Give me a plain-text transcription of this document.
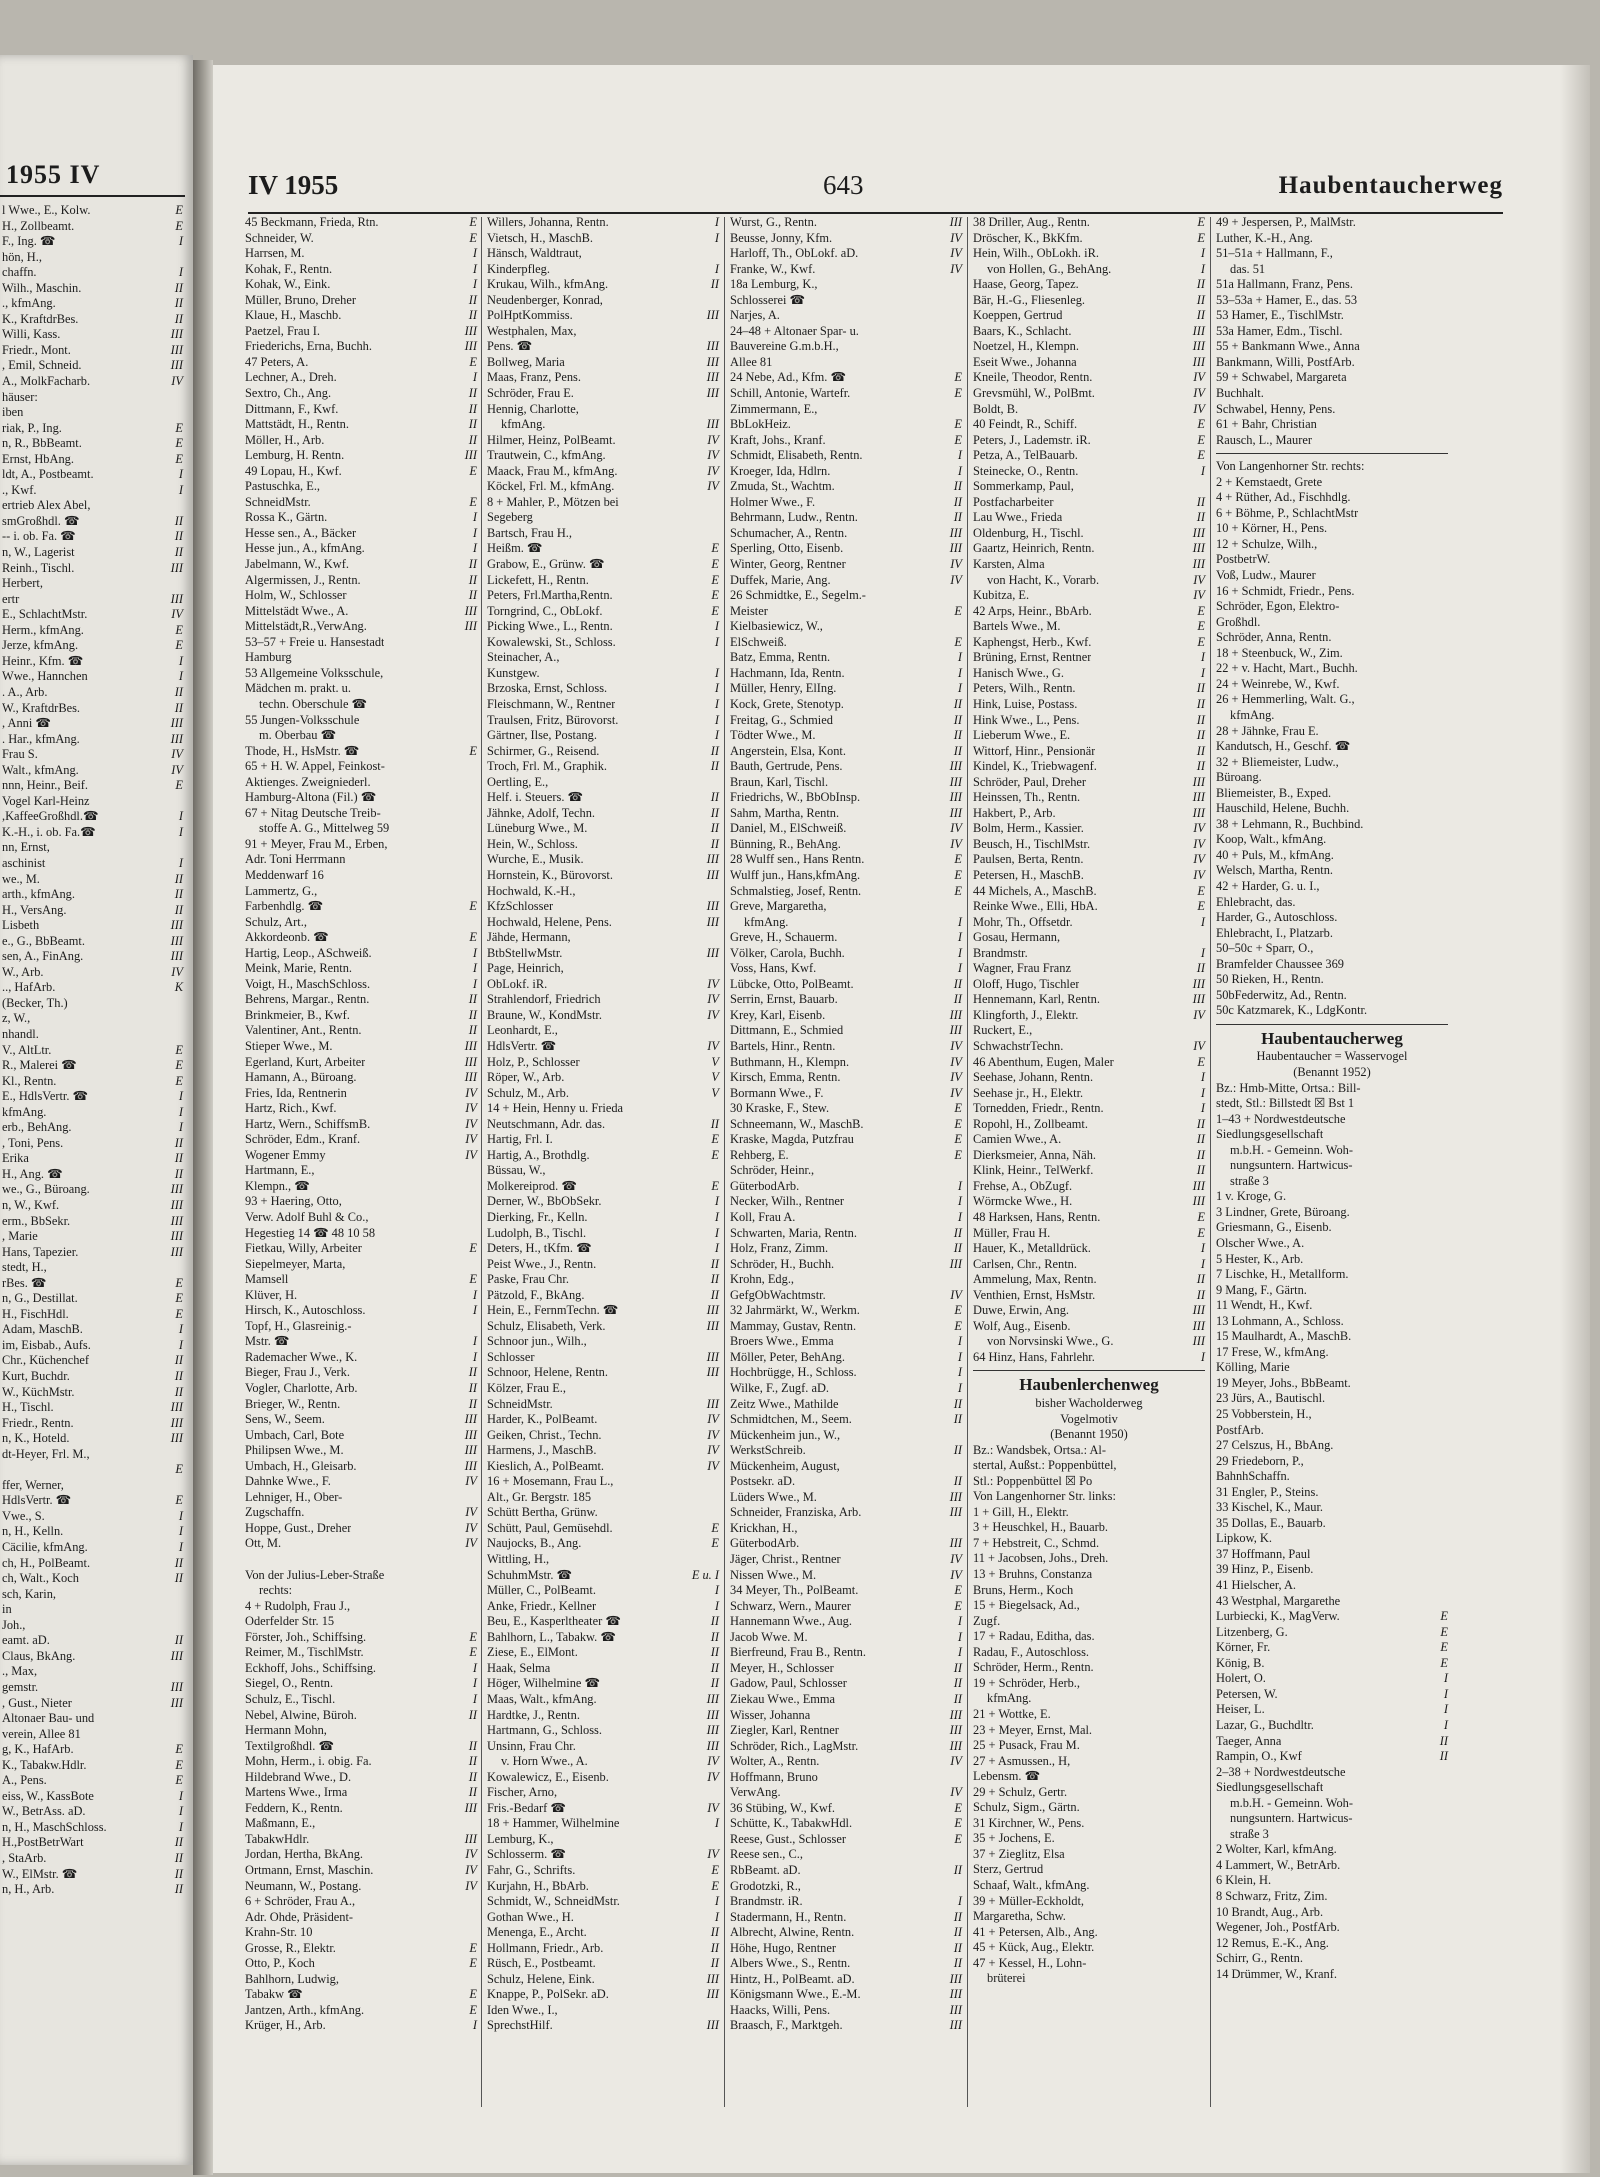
1955 IV
l Wwe., E., Kolw.	E
H., Zollbeamt.	E
F., Ing. ☎	I
hön, H.,
chaffn.	I
Wilh., Maschin.	II
., kfmAng.	II
K., KraftdrBes.	II
Willi, Kass.	III
Friedr., Mont.	III
, Emil, Schneid.	III
A., MolkFacharb.	IV
häuser:
iben
riak, P., Ing.	E
n, R., BbBeamt.	E
Ernst, HbAng.	E
ldt, A., Postbeamt.	I
., Kwf.	I
ertrieb Alex Abel,
smGroßhdl. ☎	II
-- i. ob. Fa. ☎	II
n, W., Lagerist	II
Reinh., Tischl.	III
Herbert,
ertr	III
E., SchlachtMstr.	IV
Herm., kfmAng.	E
Jerze, kfmAng.	E
Heinr., Kfm. ☎	I
Wwe., Hannchen	I
. A., Arb.	II
W., KraftdrBes.	II
, Anni ☎	III
. Har., kfmAng.	III
Frau S.	IV
Walt., kfmAng.	IV
nnn, Heinr., Beif.	E
Vogel Karl-Heinz
,KaffeeGroßhdl.☎	I
K.-H., i. ob. Fa.☎	I
nn, Ernst,
aschinist	I
we., M.	II
arth., kfmAng.	II
H., VersAng.	II
Lisbeth	III
e., G., BbBeamt.	III
sen, A., FinAng.	III
W., Arb.	IV
.., HafArb.	K
(Becker, Th.)
z, W.,
nhandl.
V., AltLtr.	E
R., Malerei ☎	E
Kl., Rentn.	E
E., HdlsVertr. ☎	I
kfmAng.	I
erb., BehAng.	I
, Toni, Pens.	II
Erika	II
H., Ang. ☎	II
we., G., Büroang.	III
n, W., Kwf.	III
erm., BbSekr.	III
, Marie	III
Hans, Tapezier.	III
stedt, H.,
rBes. ☎	E
n, G., Destillat.	E
H., FischHdl.	E
Adam, MaschB.	I
im, Eisbab., Aufs.	I
Chr., Küchenchef	II
Kurt, Buchdr.	II
W., KüchMstr.	II
H., Tischl.	III
Friedr., Rentn.	III
n, K., Hoteld.	III
dt-Heyer, Frl. M.,
E
ffer, Werner,
HdlsVertr. ☎	E
Vwe., S.	I
n, H., Kelln.	I
Cäcilie, kfmAng.	I
ch, H., PolBeamt.	II
ch, Walt., Koch	II
sch, Karin,
in
Joh.,
eamt. aD.	II
Claus, BkAng.	III
., Max,
gemstr.	III
, Gust., Nieter	III
Altonaer Bau- und
verein, Allee 81
g, K., HafArb.	E
K., Tabakw.Hdlr.	E
A., Pens.	E
eiss, W., KassBote	I
W., BetrAss. aD.	I
n, H., MaschSchloss.	I
H.,PostBetrWart	II
, StaArb.	II
W., ElMstr. ☎	II
n, H., Arb.	II
IV 1955	643	Haubentaucherweg
45 Beckmann, Frieda, Rtn.	E
Schneider, W.	E
Harrsen, M.	I
Kohak, F., Rentn.	I
Kohak, W., Eink.	I
Müller, Bruno, Dreher	II
Klaue, H., Maschb.	II
Paetzel, Frau I.	III
Friederichs, Erna, Buchh.	III
47 Peters, A.	E
Lechner, A., Dreh.	I
Sextro, Ch., Ang.	II
Dittmann, F., Kwf.	II
Mattstädt, H., Rentn.	II
Möller, H., Arb.	II
Lemburg, H. Rentn.	III
49 Lopau, H., Kwf.	E
Pastuschka, E.,
SchneidMstr.	E
Rossa K., Gärtn.	I
Hesse sen., A., Bäcker	I
Hesse jun., A., kfmAng.	I
Jabelmann, W., Kwf.	II
Algermissen, J., Rentn.	II
Holm, W., Schlosser	II
Mittelstädt Wwe., A.	III
Mittelstädt,R.,VerwAng.	III
53–57 + Freie u. Hansestadt
Hamburg
53 Allgemeine Volksschule,
Mädchen m. prakt. u.
techn. Oberschule ☎
55 Jungen-Volksschule
m. Oberbau ☎
Thode, H., HsMstr. ☎	E
65 + H. W. Appel, Feinkost-
Aktienges. Zweigniederl.
Hamburg-Altona (Fil.) ☎
67 + Nitag Deutsche Treib-
stoffe A. G., Mittelweg 59
91 + Meyer, Frau M., Erben,
Adr. Toni Herrmann
Meddenwarf 16
Lammertz, G.,
Farbenhdlg. ☎	E
Schulz, Art.,
Akkordeonb. ☎	E
Hartig, Leop., ASchweiß.	I
Meink, Marie, Rentn.	I
Voigt, H., MaschSchloss.	I
Behrens, Margar., Rentn.	II
Brinkmeier, B., Kwf.	II
Valentiner, Ant., Rentn.	II
Stieper Wwe., M.	III
Egerland, Kurt, Arbeiter	III
Hamann, A., Büroang.	III
Fries, Ida, Rentnerin	IV
Hartz, Rich., Kwf.	IV
Hartz, Wern., SchiffsmB.	IV
Schröder, Edm., Kranf.	IV
Wogener Emmy	IV
Hartmann, E.,
Klempn., ☎
93 + Haering, Otto,
Verw. Adolf Buhl & Co.,
Hegestieg 14 ☎ 48 10 58
Fietkau, Willy, Arbeiter	E
Siepelmeyer, Marta,
Mamsell	E
Klüver, H.	I
Hirsch, K., Autoschloss.	I
Topf, H., Glasreinig.-
Mstr. ☎	I
Rademacher Wwe., K.	I
Bieger, Frau J., Verk.	II
Vogler, Charlotte, Arb.	II
Brieger, W., Rentn.	II
Sens, W., Seem.	III
Umbach, Carl, Bote	III
Philipsen Wwe., M.	III
Umbach, H., Gleisarb.	III
Dahnke Wwe., F.	IV
Lehniger, H., Ober-
Zugschaffn.	IV
Hoppe, Gust., Dreher	IV
Ott, M.	IV

Von der Julius-Leber-Straße
rechts:
4 + Rudolph, Frau J.,
Oderfelder Str. 15
Förster, Joh., Schiffsing.	E
Reimer, M., TischlMstr.	E
Eckhoff, Johs., Schiffsing.	I
Siegel, O., Rentn.	I
Schulz, E., Tischl.	I
Nebel, Alwine, Büroh.	II
Hermann Mohn,
Textilgroßhdl. ☎	II
Mohn, Herm., i. obig. Fa.	II
Hildebrand Wwe., D.	II
Martens Wwe., Irma	II
Feddern, K., Rentn.	III
Maßmann, E.,
TabakwHdlr.	III
Jordan, Hertha, BkAng.	IV
Ortmann, Ernst, Maschin.	IV
Neumann, W., Postang.	IV
6 + Schröder, Frau A.,
Adr. Ohde, Präsident-
Krahn-Str. 10
Grosse, R., Elektr.	E
Otto, P., Koch	E
Bahlhorn, Ludwig,
Tabakw ☎	E
Jantzen, Arth., kfmAng.	E
Krüger, H., Arb.	I
Willers, Johanna, Rentn.	I
Vietsch, H., MaschB.	I
Hänsch, Waldtraut,
Kinderpfleg.	I
Krukau, Wilh., kfmAng.	II
Neudenberger, Konrad,
PolHptKommiss.	III
Westphalen, Max,
Pens. ☎	III
Bollweg, Maria	III
Maas, Franz, Pens.	III
Schröder, Frau E.	III
Hennig, Charlotte,
kfmAng.	III
Hilmer, Heinz, PolBeamt.	IV
Trautwein, C., kfmAng.	IV
Maack, Frau M., kfmAng.	IV
Köckel, Frl. M., kfmAng.	IV
8 + Mahler, P., Mötzen bei
Segeberg
Bartsch, Frau H.,
Heißm. ☎	E
Grabow, E., Grünw. ☎	E
Lickefett, H., Rentn.	E
Peters, Frl.Martha,Rentn.	E
Torngrind, C., ObLokf.	E
Picking Wwe., L., Rentn.	I
Kowalewski, St., Schloss.	I
Steinacher, A.,
Kunstgew.	I
Brzoska, Ernst, Schloss.	I
Fleischmann, W., Rentner	I
Traulsen, Fritz, Bürovorst.	I
Gärtner, Ilse, Postang.	I
Schirmer, G., Reisend.	II
Troch, Frl. M., Graphik.	II
Oertling, E.,
Helf. i. Steuers. ☎	II
Jähnke, Adolf, Techn.	II
Lüneburg Wwe., M.	II
Hein, W., Schloss.	II
Wurche, E., Musik.	III
Hornstein, K., Bürovorst.	III
Hochwald, K.-H.,
KfzSchlosser	III
Hochwald, Helene, Pens.	III
Jähde, Hermann,
BtbStellwMstr.	III
Page, Heinrich,
ObLokf. iR.	IV
Strahlendorf, Friedrich	IV
Braune, W., KondMstr.	IV
Leonhardt, E.,
HdlsVertr. ☎	IV
Holz, P., Schlosser	V
Röper, W., Arb.	V
Schulz, M., Arb.	V
14 + Hein, Henny u. Frieda
Neutschmann, Adr. das.	II
Hartig, Frl. I.	E
Hartig, A., Brothdlg.	E
Büssau, W.,
Molkereiprod. ☎	E
Derner, W., BbObSekr.	I
Dierking, Fr., Kelln.	I
Ludolph, B., Tischl.	I
Deters, H., tKfm. ☎	I
Peist Wwe., J., Rentn.	II
Paske, Frau Chr.	II
Pätzold, F., BkAng.	II
Hein, E., FernmTechn. ☎	III
Schulz, Elisabeth, Verk.	III
Schnoor jun., Wilh.,
Schlosser	III
Schnoor, Helene, Rentn.	III
Kölzer, Frau E.,
SchneidMstr.	III
Harder, K., PolBeamt.	IV
Geiken, Christ., Techn.	IV
Harmens, J., MaschB.	IV
Kieslich, A., PolBeamt.	IV
16 + Mosemann, Frau L.,
Alt., Gr. Bergstr. 185
Schütt Bertha, Grünw.
Schütt, Paul, Gemüsehdl.	E
Naujocks, B., Ang.	E
Wittling, H.,
SchuhmMstr. ☎	E u. I
Müller, C., PolBeamt.	I
Anke, Friedr., Kellner	I
Beu, E., Kasperltheater ☎	II
Bahlhorn, L., Tabakw. ☎	II
Ziese, E., ElMont.	II
Haak, Selma	II
Höger, Wilhelmine ☎	II
Maas, Walt., kfmAng.	III
Hardtke, J., Rentn.	III
Hartmann, G., Schloss.	III
Unsinn, Frau Chr.	III
v. Horn Wwe., A.	IV
Kowalewicz, E., Eisenb.	IV
Fischer, Arno,
Fris.-Bedarf ☎	IV
18 + Hammer, Wilhelmine	I
Lemburg, K.,
Schlosserm. ☎	IV
Fahr, G., Schrifts.	E
Kurjahn, H., BbArb.	E
Schmidt, W., SchneidMstr.	I
Gothan Wwe., H.	I
Menenga, E., Archt.	II
Hollmann, Friedr., Arb.	II
Rüsch, E., Postbeamt.	II
Schulz, Helene, Eink.	III
Knappe, P., PolSekr. aD.	III
Iden Wwe., I.,
SprechstHilf.	III
Wurst, G., Rentn.	III
Beusse, Jonny, Kfm.	IV
Harloff, Th., ObLokf. aD.	IV
Franke, W., Kwf.	IV
18a Lemburg, K.,
Schlosserei ☎
Narjes, A.
24–48 + Altonaer Spar- u.
Bauvereine G.m.b.H.,
Allee 81
24 Nebe, Ad., Kfm. ☎	E
Schill, Antonie, Wartefr.	E
Zimmermann, E.,
BbLokHeiz.	E
Kraft, Johs., Kranf.	E
Schmidt, Elisabeth, Rentn.	I
Kroeger, Ida, Hdlrn.	I
Zmuda, St., Wachtm.	II
Holmer Wwe., F.	II
Behrmann, Ludw., Rentn.	II
Schumacher, A., Rentn.	III
Sperling, Otto, Eisenb.	III
Winter, Georg, Rentner	IV
Duffek, Marie, Ang.	IV
26 Schmidtke, E., Segelm.-
Meister	E
Kielbasiewicz, W.,
ElSchweiß.	E
Batz, Emma, Rentn.	I
Hachmann, Ida, Rentn.	I
Müller, Henry, ElIng.	I
Kock, Grete, Stenotyp.	II
Freitag, G., Schmied	II
Tödter Wwe., M.	II
Angerstein, Elsa, Kont.	II
Bauth, Gertrude, Pens.	III
Braun, Karl, Tischl.	III
Friedrichs, W., BbObInsp.	III
Sahm, Martha, Rentn.	III
Daniel, M., ElSchweiß.	IV
Bünning, R., BehAng.	IV
28 Wulff sen., Hans Rentn.	E
Wulff jun., Hans,kfmAng.	E
Schmalstieg, Josef, Rentn.	E
Greve, Margaretha,
kfmAng.	I
Greve, H., Schauerm.	I
Völker, Carola, Buchh.	I
Voss, Hans, Kwf.	I
Lübcke, Otto, PolBeamt.	II
Serrin, Ernst, Bauarb.	II
Krey, Karl, Eisenb.	III
Dittmann, E., Schmied	III
Bartels, Hinr., Rentn.	IV
Buthmann, H., Klempn.	IV
Kirsch, Emma, Rentn.	IV
Bormann Wwe., F.	IV
30 Kraske, F., Stew.	E
Schneemann, W., MaschB.	E
Kraske, Magda, Putzfrau	E
Rehberg, E.	E
Schröder, Heinr.,
GüterbodArb.	I
Necker, Wilh., Rentner	I
Koll, Frau A.	I
Schwarten, Maria, Rentn.	II
Holz, Franz, Zimm.	II
Schröder, H., Buchh.	III
Krohn, Edg.,
GefgObWachtmstr.	IV
32 Jahrmärkt, W., Werkm.	E
Mammay, Gustav, Rentn.	E
Broers Wwe., Emma	I
Möller, Peter, BehAng.	I
Hochbrügge, H., Schloss.	I
Wilke, F., Zugf. aD.	I
Zeitz Wwe., Mathilde	II
Schmidtchen, M., Seem.	II
Mückenheim jun., W.,
WerkstSchreib.	II
Mückenheim, August,
Postsekr. aD.	II
Lüders Wwe., M.	III
Schneider, Franziska, Arb.	III
Krickhan, H.,
GüterbodArb.	III
Jäger, Christ., Rentner	IV
Nissen Wwe., M.	IV
34 Meyer, Th., PolBeamt.	E
Schwarz, Wern., Maurer	E
Hannemann Wwe., Aug.	I
Jacob Wwe. M.	I
Bierfreund, Frau B., Rentn.	I
Meyer, H., Schlosser	II
Gadow, Paul, Schlosser	II
Ziekau Wwe., Emma	II
Wisser, Johanna	III
Ziegler, Karl, Rentner	III
Schröder, Rich., LagMstr.	III
Wolter, A., Rentn.	IV
Hoffmann, Bruno
VerwAng.	IV
36 Stübing, W., Kwf.	E
Schütte, K., TabakwHdl.	E
Reese, Gust., Schlosser	E
Reese sen., C.,
RbBeamt. aD.	II
Grodotzki, R.,
Brandmstr. iR.	I
Stadermann, H., Rentn.	II
Albrecht, Alwine, Rentn.	II
Höhe, Hugo, Rentner	II
Albers Wwe., S., Rentn.	II
Hintz, H., PolBeamt. aD.	III
Königsmann Wwe., E.-M.	III
Haacks, Willi, Pens.	III
Braasch, F., Marktgeh.	III
38 Driller, Aug., Rentn.	E
Dröscher, K., BkKfm.	E
Hein, Wilh., ObLokh. iR.	I
von Hollen, G., BehAng.	I
Haase, Georg, Tapez.	II
Bär, H.-G., Fliesenleg.	II
Koeppen, Gertrud	II
Baars, K., Schlacht.	III
Noetzel, H., Klempn.	III
Eseit Wwe., Johanna	III
Kneile, Theodor, Rentn.	IV
Grevsmühl, W., PolBmt.	IV
Boldt, B.	IV
40 Feindt, R., Schiff.	E
Peters, J., Lademstr. iR.	E
Petza, A., TelBauarb.	E
Steinecke, O., Rentn.	I
Sommerkamp, Paul,
Postfacharbeiter	II
Lau Wwe., Frieda	II
Oldenburg, H., Tischl.	III
Gaartz, Heinrich, Rentn.	III
Karsten, Alma	III
von Hacht, K., Vorarb.	IV
Kubitza, E.	IV
42 Arps, Heinr., BbArb.	E
Bartels Wwe., M.	E
Kaphengst, Herb., Kwf.	E
Brüning, Ernst, Rentner	I
Hanisch Wwe., G.	I
Peters, Wilh., Rentn.	II
Hink, Luise, Postass.	II
Hink Wwe., L., Pens.	II
Lieberum Wwe., E.	II
Wittorf, Hinr., Pensionär	II
Kindel, K., Triebwagenf.	II
Schröder, Paul, Dreher	III
Heinssen, Th., Rentn.	III
Hakbert, P., Arb.	III
Bolm, Herm., Kassier.	IV
Beusch, H., TischlMstr.	IV
Paulsen, Berta, Rentn.	IV
Petersen, H., MaschB.	IV
44 Michels, A., MaschB.	E
Reinke Wwe., Elli, HbA.	E
Mohr, Th., Offsetdr.	I
Gosau, Hermann,
Brandmstr.	I
Wagner, Frau Franz	II
Oloff, Hugo, Tischler	III
Hennemann, Karl, Rentn.	III
Klingforth, J., Elektr.	IV
Ruckert, E.,
SchwachstrTechn.	IV
46 Abenthum, Eugen, Maler	E
Seehase, Johann, Rentn.	I
Seehase jr., H., Elektr.	I
Tornedden, Friedr., Rentn.	I
Ropohl, H., Zollbeamt.	II
Camien Wwe., A.	II
Dierksmeier, Anna, Näh.	II
Klink, Heinr., TelWerkf.	II
Frehse, A., ObZugf.	III
Wörmcke Wwe., H.	III
48 Harksen, Hans, Rentn.	E
Müller, Frau H.	E
Hauer, K., Metalldrück.	I
Carlsen, Chr., Rentn.	I
Ammelung, Max, Rentn.	II
Venthien, Ernst, HsMstr.	II
Duwe, Erwin, Ang.	III
Wolf, Aug., Eisenb.	III
von Norvsinski Wwe., G.	III
64 Hinz, Hans, Fahrlehr.	I
Haubenlerchenweg
bisher Wacholderweg
Vogelmotiv
(Benannt 1950)
Bz.: Wandsbek, Ortsa.: Al-
stertal, Außst.: Poppenbüttel,
Stl.: Poppenbüttel ☒ Po
Von Langenhorner Str. links:
1 + Gill, H., Elektr.
3 + Heuschkel, H., Bauarb.
7 + Hebstreit, C., Schmd.
11 + Jacobsen, Johs., Dreh.
13 + Bruhns, Constanza
Bruns, Herm., Koch
15 + Biegelsack, Ad.,
Zugf.
17 + Radau, Editha, das.
Radau, F., Autoschloss.
Schröder, Herm., Rentn.
19 + Schröder, Herb.,
kfmAng.
21 + Wottke, E.
23 + Meyer, Ernst, Mal.
25 + Pusack, Frau M.
27 + Asmussen., H,
Lebensm. ☎
29 + Schulz, Gertr.
Schulz, Sigm., Gärtn.
31 Kirchner, W., Pens.
35 + Jochens, E.
37 + Zieglitz, Elsa
Sterz, Gertrud
Schaaf, Walt., kfmAng.
39 + Müller-Eckholdt,
Margaretha, Schw.
41 + Petersen, Alb., Ang.
45 + Kück, Aug., Elektr.
47 + Kessel, H., Lohn-
brüterei
49 + Jespersen, P., MalMstr.
Luther, K.-H., Ang.
51–51a + Hallmann, F.,
das. 51
51a Hallmann, Franz, Pens.
53–53a + Hamer, E., das. 53
53 Hamer, E., TischlMstr.
53a Hamer, Edm., Tischl.
55 + Bankmann Wwe., Anna
Bankmann, Willi, PostfArb.
59 + Schwabel, Margareta
Buchhalt.
Schwabel, Henny, Pens.
61 + Bahr, Christian
Rausch, L., Maurer
Von Langenhorner Str. rechts:
2 + Kemstaedt, Grete
4 + Rüther, Ad., Fischhdlg.
6 + Böhme, P., SchlachtMstr
10 + Körner, H., Pens.
12 + Schulze, Wilh.,
PostbetrW.
Voß, Ludw., Maurer
16 + Schmidt, Friedr., Pens.
Schröder, Egon, Elektro-
Großhdl.
Schröder, Anna, Rentn.
18 + Steenbuck, W., Zim.
22 + v. Hacht, Mart., Buchh.
24 + Weinrebe, W., Kwf.
26 + Hemmerling, Walt. G.,
kfmAng.
28 + Jähnke, Frau E.
Kandutsch, H., Geschf. ☎
32 + Bliemeister, Ludw.,
Büroang.
Bliemeister, B., Exped.
Hauschild, Helene, Buchh.
38 + Lehmann, R., Buchbind.
Koop, Walt., kfmAng.
40 + Puls, M., kfmAng.
Welsch, Martha, Rentn.
42 + Harder, G. u. I.,
Ehlebracht, das.
Harder, G., Autoschloss.
Ehlebracht, I., Platzarb.
50–50c + Sparr, O.,
Bramfelder Chaussee 369
50 Rieken, H., Rentn.
50bFederwitz, Ad., Rentn.
50c Katzmarek, K., LdgKontr.
Haubentaucherweg
Haubentaucher = Wasservogel
(Benannt 1952)
Bz.: Hmb-Mitte, Ortsa.: Bill-
stedt, Stl.: Billstedt ☒ Bst 1
1–43 + Nordwestdeutsche
Siedlungsgesellschaft
m.b.H. - Gemeinn. Woh-
nungsuntern. Hartwicus-
straße 3
1 v. Kroge, G.
3 Lindner, Grete, Büroang.
Griesmann, G., Eisenb.
Olscher Wwe., A.
5 Hester, K., Arb.
7 Lischke, H., Metallform.
9 Mang, F., Gärtn.
11 Wendt, H., Kwf.
13 Lohmann, A., Schloss.
15 Maulhardt, A., MaschB.
17 Frese, W., kfmAng.
Kölling, Marie
19 Meyer, Johs., BbBeamt.
23 Jürs, A., Bautischl.
25 Vobberstein, H.,
PostfArb.
27 Celszus, H., BbAng.
29 Friedeborn, P.,
BahnhSchaffn.
31 Engler, P., Steins.
33 Kischel, K., Maur.
35 Dollas, E., Bauarb.
Lipkow, K.
37 Hoffmann, Paul
39 Hinz, P., Eisenb.
41 Hielscher, A.
43 Westphal, Margarethe
Lurbiecki, K., MagVerw.	E
Litzenberg, G.	E
Körner, Fr.	E
König, B.	E
Holert, O.	I
Petersen, W.	I
Heiser, L.	I
Lazar, G., Buchdltr.	I
Taeger, Anna	II
Rampin, O., Kwf	II
2–38 + Nordwestdeutsche
Siedlungsgesellschaft
m.b.H. - Gemeinn. Woh-
nungsuntern. Hartwicus-
straße 3
2 Wolter, Karl, kfmAng.
4 Lammert, W., BetrArb.
6 Klein, H.
8 Schwarz, Fritz, Zim.
10 Brandt, Aug., Arb.
Wegener, Joh., PostfArb.
12 Remus, E.-K., Ang.
Schirr, G., Rentn.
14 Drümmer, W., Kranf.
